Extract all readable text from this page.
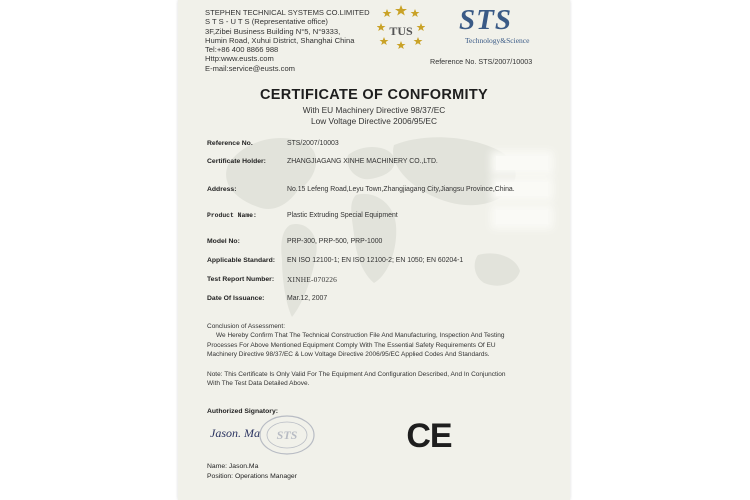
STEPHEN TECHNICAL SYSTEMS CO.LIMITED
S T S - U T S (Representative office)
3F,Zibei Business Building N°5, N°9333,
Humin Road, Xuhui District, Shanghai China
Tel:+86 400 8866 988
Http:www.eusts.com
E-mail:service@eusts.com
TUS STS
Technology&Science
Reference No. STS/2007/10003
CERTIFICATE OF CONFORMITY
With EU Machinery Directive 98/37/EC
Low Voltage Directive 2006/95/EC
Reference No.	STS/2007/10003
Certificate Holder:	ZHANGJIAGANG XINHE MACHINERY CO.,LTD.
Address:	No.15 Lefeng Road,Leyu Town,Zhangjiagang City,Jiangsu Province,China.
Product Name:	Plastic Extruding Special Equipment
Model No:	PRP-300, PRP-500, PRP-1000
Applicable Standard: EN ISO 12100-1; EN ISO 12100-2; EN 1050; EN 60204-1
Test Report Number: XINHE-070226
Date Of Issuance:	Mar.12, 2007
Conclusion of Assessment:
We Hereby Confirm That The Technical Construction File And Manufacturing, Inspection And Testing
Processes For Above Mentioned Equipment Comply With The Essential Safety Requirements Of EU
Machinery Directive 98/37/EC & Low Voltage Directive 2006/95/EC Applied Codes And Standards.
Note: This Certificate Is Only Valid For The Equipment And Configuration Described, And In Conjunction
With The Test Data Detailed Above.
Authorized Signatory:
STS
Jason. Ma
Name: Jason.Ma
Position: Operations Manager
CE
